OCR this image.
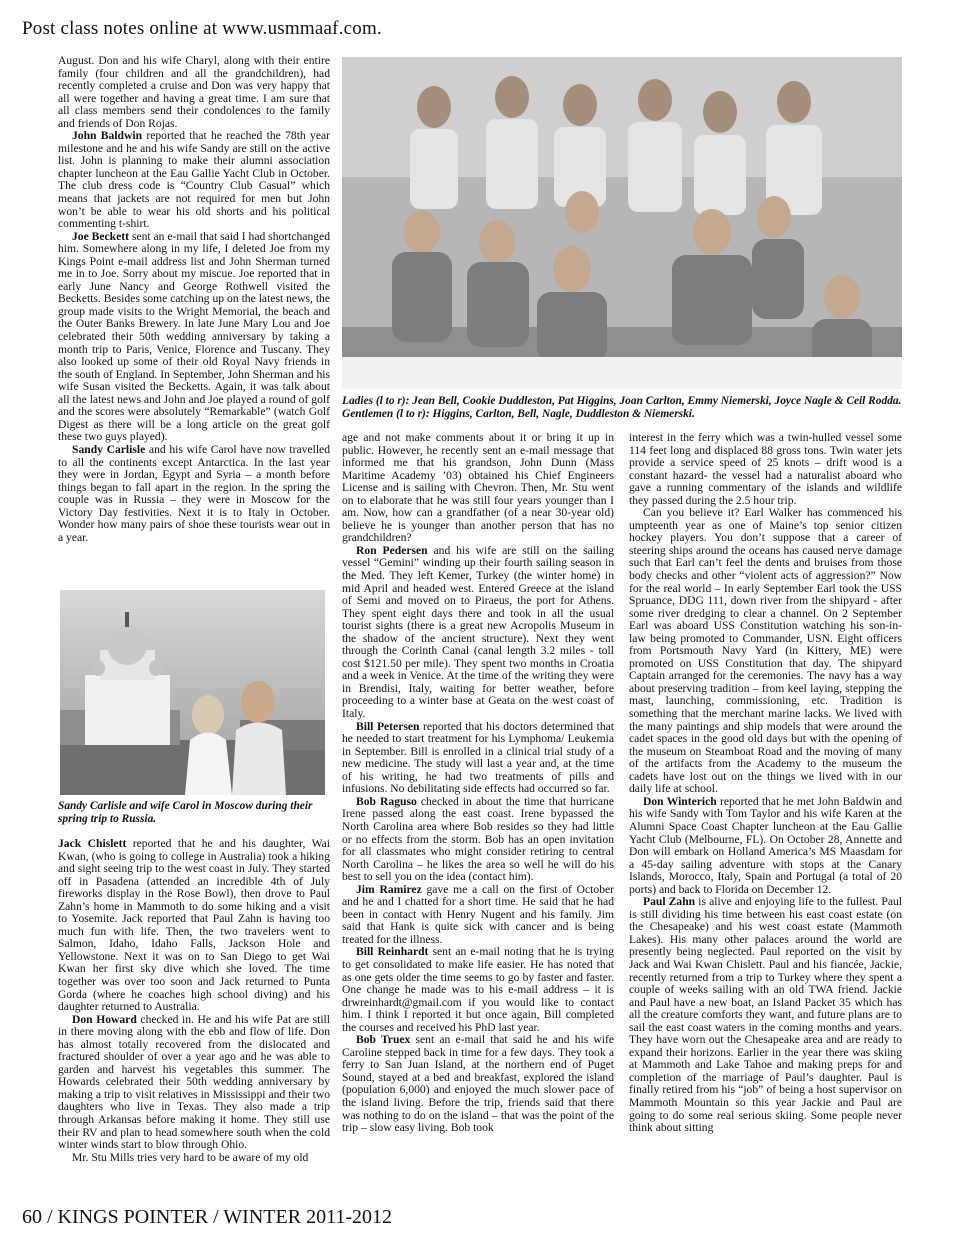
Post class notes online at www.usmmaaf.com.

August. Don and his wife Charyl, along with their entire family (four children and all the grandchildren), had recently completed a cruise and Don was very happy that all were together and having a great time. I am sure that all class members send their condolences to the family and friends of Don Rojas.

John Baldwin reported that he reached the 78th year milestone and he and his wife Sandy are still on the active list. John is planning to make their alumni association chapter luncheon at the Eau Gallie Yacht Club in October. The club dress code is “Country Club Casual” which means that jackets are not required for men but John won’t be able to wear his old shorts and his political commenting t-shirt.

Joe Beckett sent an e-mail that said I had shortchanged him. Somewhere along in my life, I deleted Joe from my Kings Point e-mail address list and John Sherman turned me in to Joe. Sorry about my miscue. Joe reported that in early June Nancy and George Rothwell visited the Becketts. Besides some catching up on the latest news, the group made visits to the Wright Memorial, the beach and the Outer Banks Brewery. In late June Mary Lou and Joe celebrated their 50th wedding anniversary by taking a month trip to Paris, Venice, Florence and Tuscany. They also looked up some of their old Royal Navy friends in the south of England. In September, John Sherman and his wife Susan visited the Becketts. Again, it was talk about all the latest news and John and Joe played a round of golf and the scores were absolutely “Remarkable” (watch Golf Digest as there will be a long article on the great golf these two guys played).

Sandy Carlisle and his wife Carol have now travelled to all the continents except Antarctica. In the last year they were in Jordan, Egypt and Syria – a month before things began to fall apart in the region. In the spring the couple was in Russia – they were in Moscow for the Victory Day festivities. Next it is to Italy in October. Wonder how many pairs of shoe these tourists wear out in a year.

Sandy Carlisle and wife Carol in Moscow during their spring trip to Russia.

Jack Chislett reported that he and his daughter, Wai Kwan, (who is going to college in Australia) took a hiking and sight seeing trip to the west coast in July. They started off in Pasadena (attended an incredible 4th of July fireworks display in the Rose Bowl), then drove to Paul Zahn’s home in Mammoth to do some hiking and a visit to Yosemite. Jack reported that Paul Zahn is having too much fun with life. Then, the two travelers went to Salmon, Idaho, Idaho Falls, Jackson Hole and Yellowstone. Next it was on to San Diego to get Wai Kwan her first sky dive which she loved. The time together was over too soon and Jack returned to Punta Gorda (where he coaches high school diving) and his daughter returned to Australia.

Don Howard checked in. He and his wife Pat are still in there moving along with the ebb and flow of life. Don has almost totally recovered from the dislocated and fractured shoulder of over a year ago and he was able to garden and harvest his vegetables this summer. The Howards celebrated their 50th wedding anniversary by making a trip to visit relatives in Mississippi and their two daughters who live in Texas. They also made a trip through Arkansas before making it home. They still use their RV and plan to head somewhere south when the cold winter winds start to blow through Ohio.

Mr. Stu Mills tries very hard to be aware of my old

Ladies (l to r): Jean Bell, Cookie Duddleston, Pat Higgins, Joan Carlton, Emmy Niemerski, Joyce Nagle & Ceil Rodda. Gentlemen (l to r): Higgins, Carlton, Bell, Nagle, Duddleston & Niemerski.

age and not make comments about it or bring it up in public. However, he recently sent an e-mail message that informed me that his grandson, John Dunn (Mass Maritime Academy ’03) obtained his Chief Engineers License and is sailing with Chevron. Then, Mr. Stu went on to elaborate that he was still four years younger than I am. Now, how can a grandfather (of a near 30-year old) believe he is younger than another person that has no grandchildren?

Ron Pedersen and his wife are still on the sailing vessel “Gemini” winding up their fourth sailing season in the Med. They left Kemer, Turkey (the winter home) in mid April and headed west. Entered Greece at the island of Semi and moved on to Piraeus, the port for Athens. They spent eight days there and took in all the usual tourist sights (there is a great new Acropolis Museum in the shadow of the ancient structure). Next they went through the Corinth Canal (canal length 3.2 miles - toll cost $121.50 per mile). They spent two months in Croatia and a week in Venice. At the time of the writing they were in Brendisi, Italy, waiting for better weather, before proceeding to a winter base at Geata on the west coast of Italy.

Bill Petersen reported that his doctors determined that he needed to start treatment for his Lymphoma/ Leukemia in September. Bill is enrolled in a clinical trial study of a new medicine. The study will last a year and, at the time of his writing, he had two treatments of pills and infusions. No debilitating side effects had occurred so far.

Bob Raguso checked in about the time that hurricane Irene passed along the east coast. Irene bypassed the North Carolina area where Bob resides so they had little or no effects from the storm. Bob has an open invitation for all classmates who might consider retiring to central North Carolina – he likes the area so well he will do his best to sell you on the idea (contact him).

Jim Ramirez gave me a call on the first of October and he and I chatted for a short time. He said that he had been in contact with Henry Nugent and his family. Jim said that Hank is quite sick with cancer and is being treated for the illness.

Bill Reinhardt sent an e-mail noting that he is trying to get consolidated to make life easier. He has noted that as one gets older the time seems to go by faster and faster. One change he made was to his e-mail address – it is drwreinhardt@gmail.com if you would like to contact him. I think I reported it but once again, Bill completed the courses and received his PhD last year.

Bob Truex sent an e-mail that said he and his wife Caroline stepped back in time for a few days. They took a ferry to San Juan Island, at the northern end of Puget Sound, stayed at a bed and breakfast, explored the island (population 6,000) and enjoyed the much slower pace of the island living. Before the trip, friends said that there was nothing to do on the island – that was the point of the trip – slow easy living. Bob took

interest in the ferry which was a twin-hulled vessel some 114 feet long and displaced 88 gross tons. Twin water jets provide a service speed of 25 knots – drift wood is a constant hazard- the vessel had a naturalist aboard who gave a running commentary of the islands and wildlife they passed during the 2.5 hour trip.

Can you believe it? Earl Walker has commenced his umpteenth year as one of Maine’s top senior citizen hockey players. You don’t suppose that a career of steering ships around the oceans has caused nerve damage such that Earl can’t feel the dents and bruises from those body checks and other “violent acts of aggression?” Now for the real world – In early September Earl took the USS Spruance, DDG 111, down river from the shipyard - after some river dredging to clear a channel. On 2 September Earl was aboard USS Constitution watching his son-in-law being promoted to Commander, USN. Eight officers from Portsmouth Navy Yard (in Kittery, ME) were promoted on USS Constitution that day. The shipyard Captain arranged for the ceremonies. The navy has a way about preserving tradition – from keel laying, stepping the mast, launching, commissioning, etc. Tradition is something that the merchant marine lacks. We lived with the many paintings and ship models that were around the cadet spaces in the good old days but with the opening of the museum on Steamboat Road and the moving of many of the artifacts from the Academy to the museum the cadets have lost out on the things we lived with in our daily life at school.

Don Winterich reported that he met John Baldwin and his wife Sandy with Tom Taylor and his wife Karen at the Alumni Space Coast Chapter luncheon at the Eau Gallie Yacht Club (Melbourne, FL). On October 28, Annette and Don will embark on Holland America’s MS Maasdam for a 45-day sailing adventure with stops at the Canary Islands, Morocco, Italy, Spain and Portugal (a total of 20 ports) and back to Florida on December 12.

Paul Zahn is alive and enjoying life to the fullest. Paul is still dividing his time between his east coast estate (on the Chesapeake) and his west coast estate (Mammoth Lakes). His many other palaces around the world are presently being neglected. Paul reported on the visit by Jack and Wai Kwan Chislett. Paul and his fiancée, Jackie, recently returned from a trip to Turkey where they spent a couple of weeks sailing with an old TWA friend. Jackie and Paul have a new boat, an Island Packet 35 which has all the creature comforts they want, and future plans are to sail the east coast waters in the coming months and years. They have worn out the Chesapeake area and are ready to expand their horizons. Earlier in the year there was skiing at Mammoth and Lake Tahoe and making preps for and completion of the marriage of Paul’s daughter. Paul is finally retired from his “job” of being a host supervisor on Mammoth Mountain so this year Jackie and Paul are going to do some real serious skiing. Some people never think about sitting

60 / KINGS POINTER / WINTER 2011-2012
